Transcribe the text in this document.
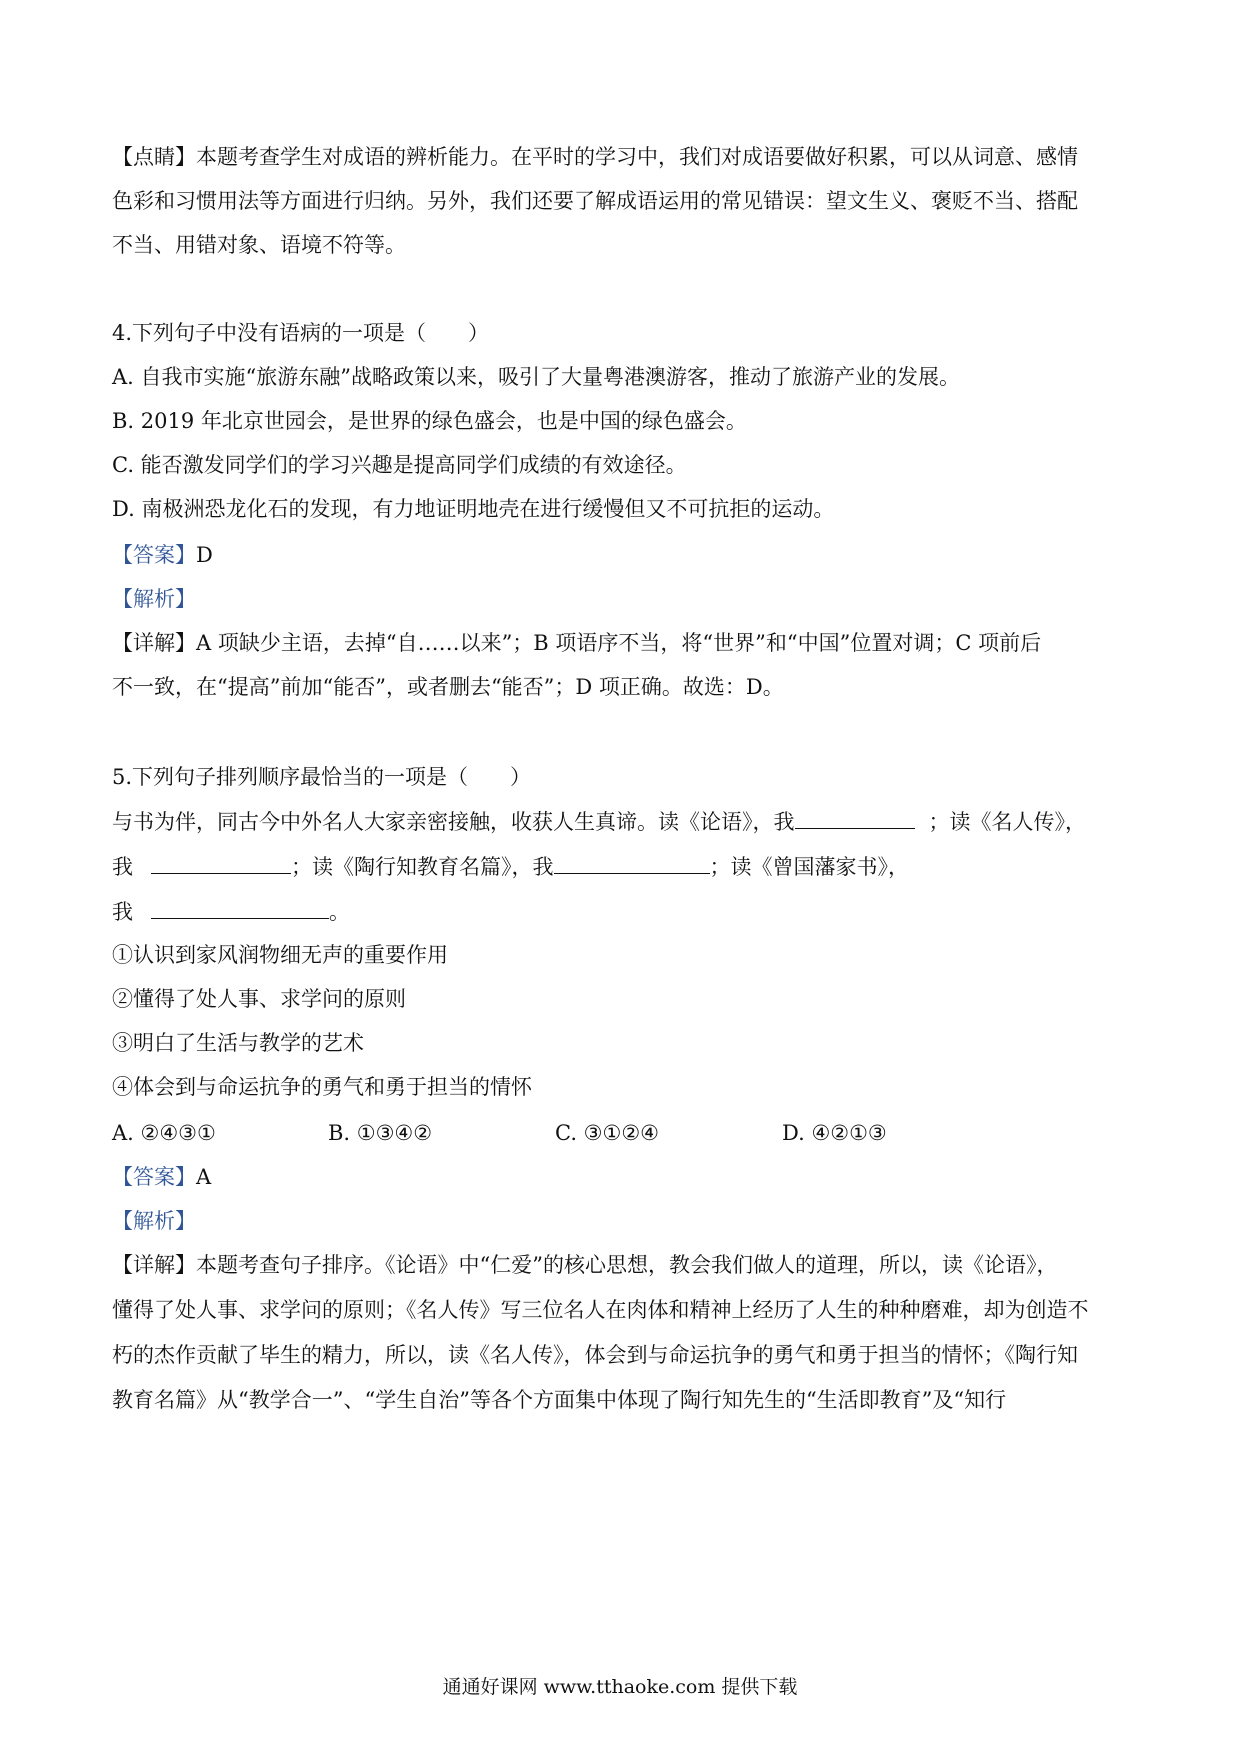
【点睛】本题考查学生对成语的辨析能力。在平时的学习中，我们对成语要做好积累，可以从词意、感情
色彩和习惯用法等方面进行归纳。另外，我们还要了解成语运用的常见错误：望文生义、褒贬不当、搭配
不当、用错对象、语境不符等。
4.下列句子中没有语病的一项是（　　）
A. 自我市实施“旅游东融”战略政策以来，吸引了大量粤港澳游客，推动了旅游产业的发展。
B. 2019 年北京世园会，是世界的绿色盛会，也是中国的绿色盛会。
C. 能否激发同学们的学习兴趣是提高同学们成绩的有效途径。
D. 南极洲恐龙化石的发现，有力地证明地壳在进行缓慢但又不可抗拒的运动。
【答案】D
【解析】
【详解】A 项缺少主语，去掉“自……以来”；B 项语序不当，将“世界”和“中国”位置对调；C 项前后
不一致，在“提高”前加“能否”，或者删去“能否”；D 项正确。故选：D。
5.下列句子排列顺序最恰当的一项是（　　）
与书为伴，同古今中外名人大家亲密接触，收获人生真谛。读《论语》，我	；读《名人传》，
我	；读《陶行知教育名篇》，我	；读《曾国藩家书》，
我	。
①认识到家风润物细无声的重要作用
②懂得了处人事、求学问的原则
③明白了生活与教学的艺术
④体会到与命运抗争的勇气和勇于担当的情怀
A. ②④③①	B. ①③④②	C. ③①②④	D. ④②①③
【答案】A
【解析】
【详解】本题考查句子排序。《论语》中“仁爱”的核心思想，教会我们做人的道理，所以，读《论语》，
懂得了处人事、求学问的原则；《名人传》写三位名人在肉体和精神上经历了人生的种种磨难，却为创造不
朽的杰作贡献了毕生的精力，所以，读《名人传》，体会到与命运抗争的勇气和勇于担当的情怀；《陶行知
教育名篇》从“教学合一”、“学生自治”等各个方面集中体现了陶行知先生的“生活即教育”及“知行
通通好课网 www.tthaoke.com 提供下载
